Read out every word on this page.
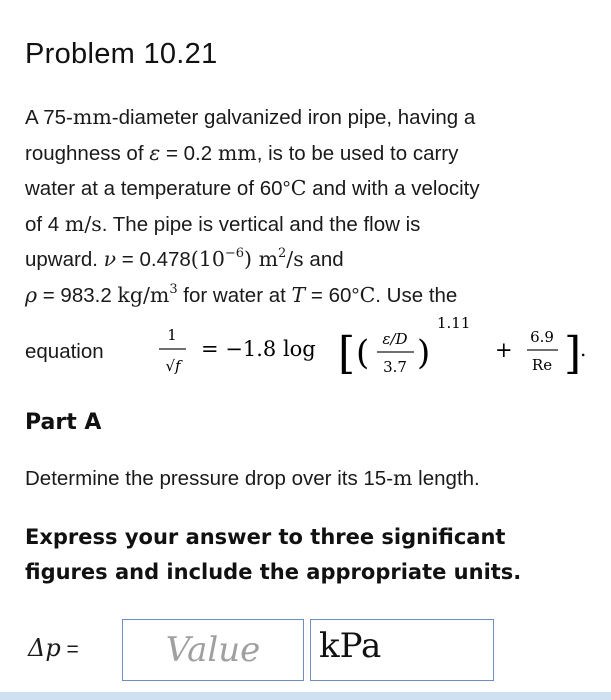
Problem 10.21
A 75-mm-diameter galvanized iron pipe, having a
roughness of ε = 0.2 mm, is to be used to carry
water at a temperature of 60°C and with a velocity
of 4 m/s. The pipe is vertical and the flow is
upward. $\nu = 0.478(10^{-6})$ $m^2/s$ and
ρ = 983.2 $kg/m^3$ for water at T = 60°C. Use the
equation
1
√f
= −1.8 log [ ( ε/D
3.7 )
1.11
+
6.9
Re ]
.
Part A
Determine the pressure drop over its 15-m length.
Express your answer to three significant figures and include the appropriate units.
Δp =
Value	kPa
